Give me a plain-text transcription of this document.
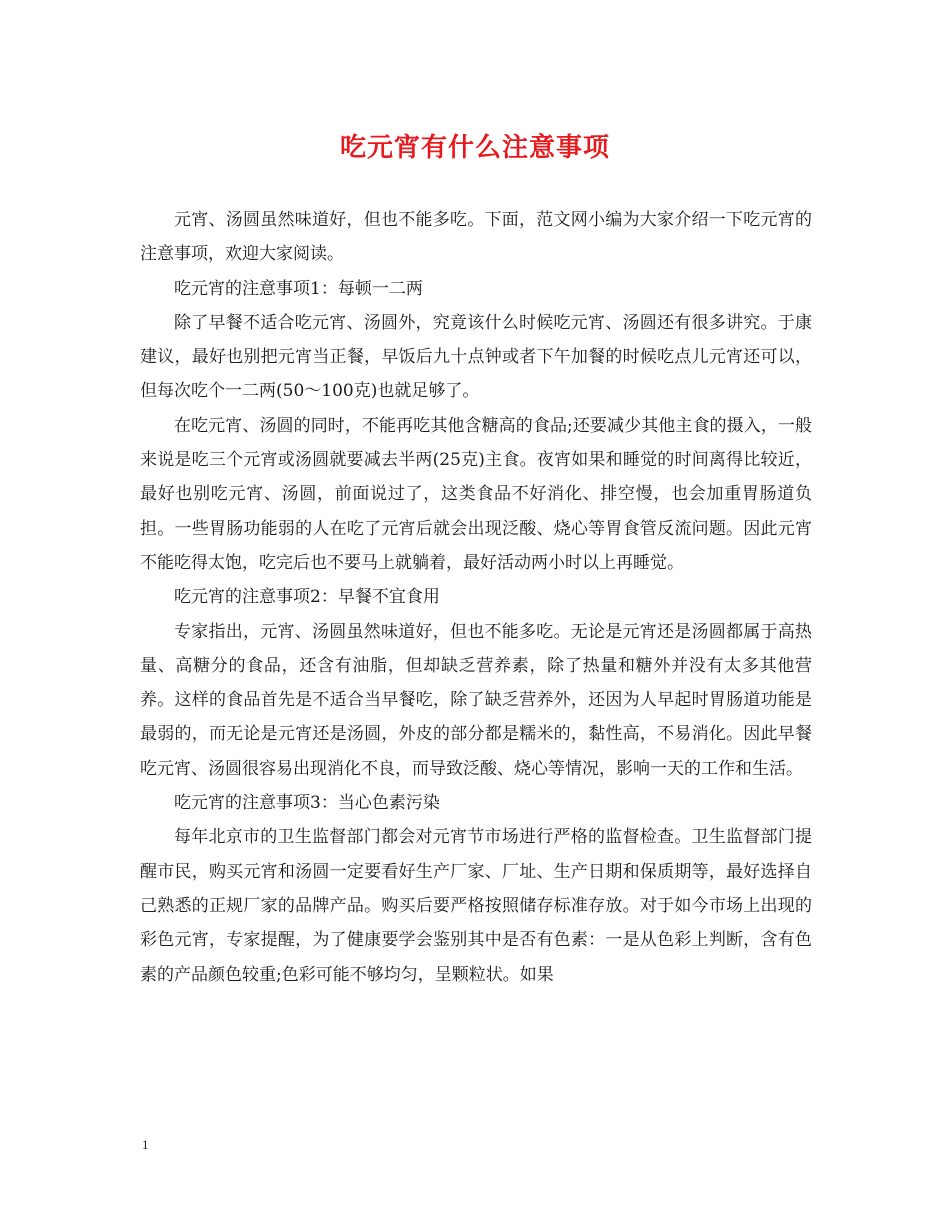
吃元宵有什么注意事项

元宵、汤圆虽然味道好，但也不能多吃。下面，范文网小编为大家介绍一下吃元宵的注意事项，欢迎大家阅读。

吃元宵的注意事项1：每顿一二两

除了早餐不适合吃元宵、汤圆外，究竟该什么时候吃元宵、汤圆还有很多讲究。于康建议，最好也别把元宵当正餐，早饭后九十点钟或者下午加餐的时候吃点儿元宵还可以，但每次吃个一二两(50～100克)也就足够了。

在吃元宵、汤圆的同时，不能再吃其他含糖高的食品;还要减少其他主食的摄入，一般来说是吃三个元宵或汤圆就要减去半两(25克)主食。夜宵如果和睡觉的时间离得比较近，最好也别吃元宵、汤圆，前面说过了，这类食品不好消化、排空慢，也会加重胃肠道负担。一些胃肠功能弱的人在吃了元宵后就会出现泛酸、烧心等胃食管反流问题。因此元宵不能吃得太饱，吃完后也不要马上就躺着，最好活动两小时以上再睡觉。

吃元宵的注意事项2：早餐不宜食用

专家指出，元宵、汤圆虽然味道好，但也不能多吃。无论是元宵还是汤圆都属于高热量、高糖分的食品，还含有油脂，但却缺乏营养素，除了热量和糖外并没有太多其他营养。这样的食品首先是不适合当早餐吃，除了缺乏营养外，还因为人早起时胃肠道功能是最弱的，而无论是元宵还是汤圆，外皮的部分都是糯米的，黏性高，不易消化。因此早餐吃元宵、汤圆很容易出现消化不良，而导致泛酸、烧心等情况，影响一天的工作和生活。

吃元宵的注意事项3：当心色素污染

每年北京市的卫生监督部门都会对元宵节市场进行严格的监督检查。卫生监督部门提醒市民，购买元宵和汤圆一定要看好生产厂家、厂址、生产日期和保质期等，最好选择自己熟悉的正规厂家的品牌产品。购买后要严格按照储存标准存放。对于如今市场上出现的彩色元宵，专家提醒，为了健康要学会鉴别其中是否有色素：一是从色彩上判断，含有色素的产品颜色较重;色彩可能不够均匀，呈颗粒状。如果

1
